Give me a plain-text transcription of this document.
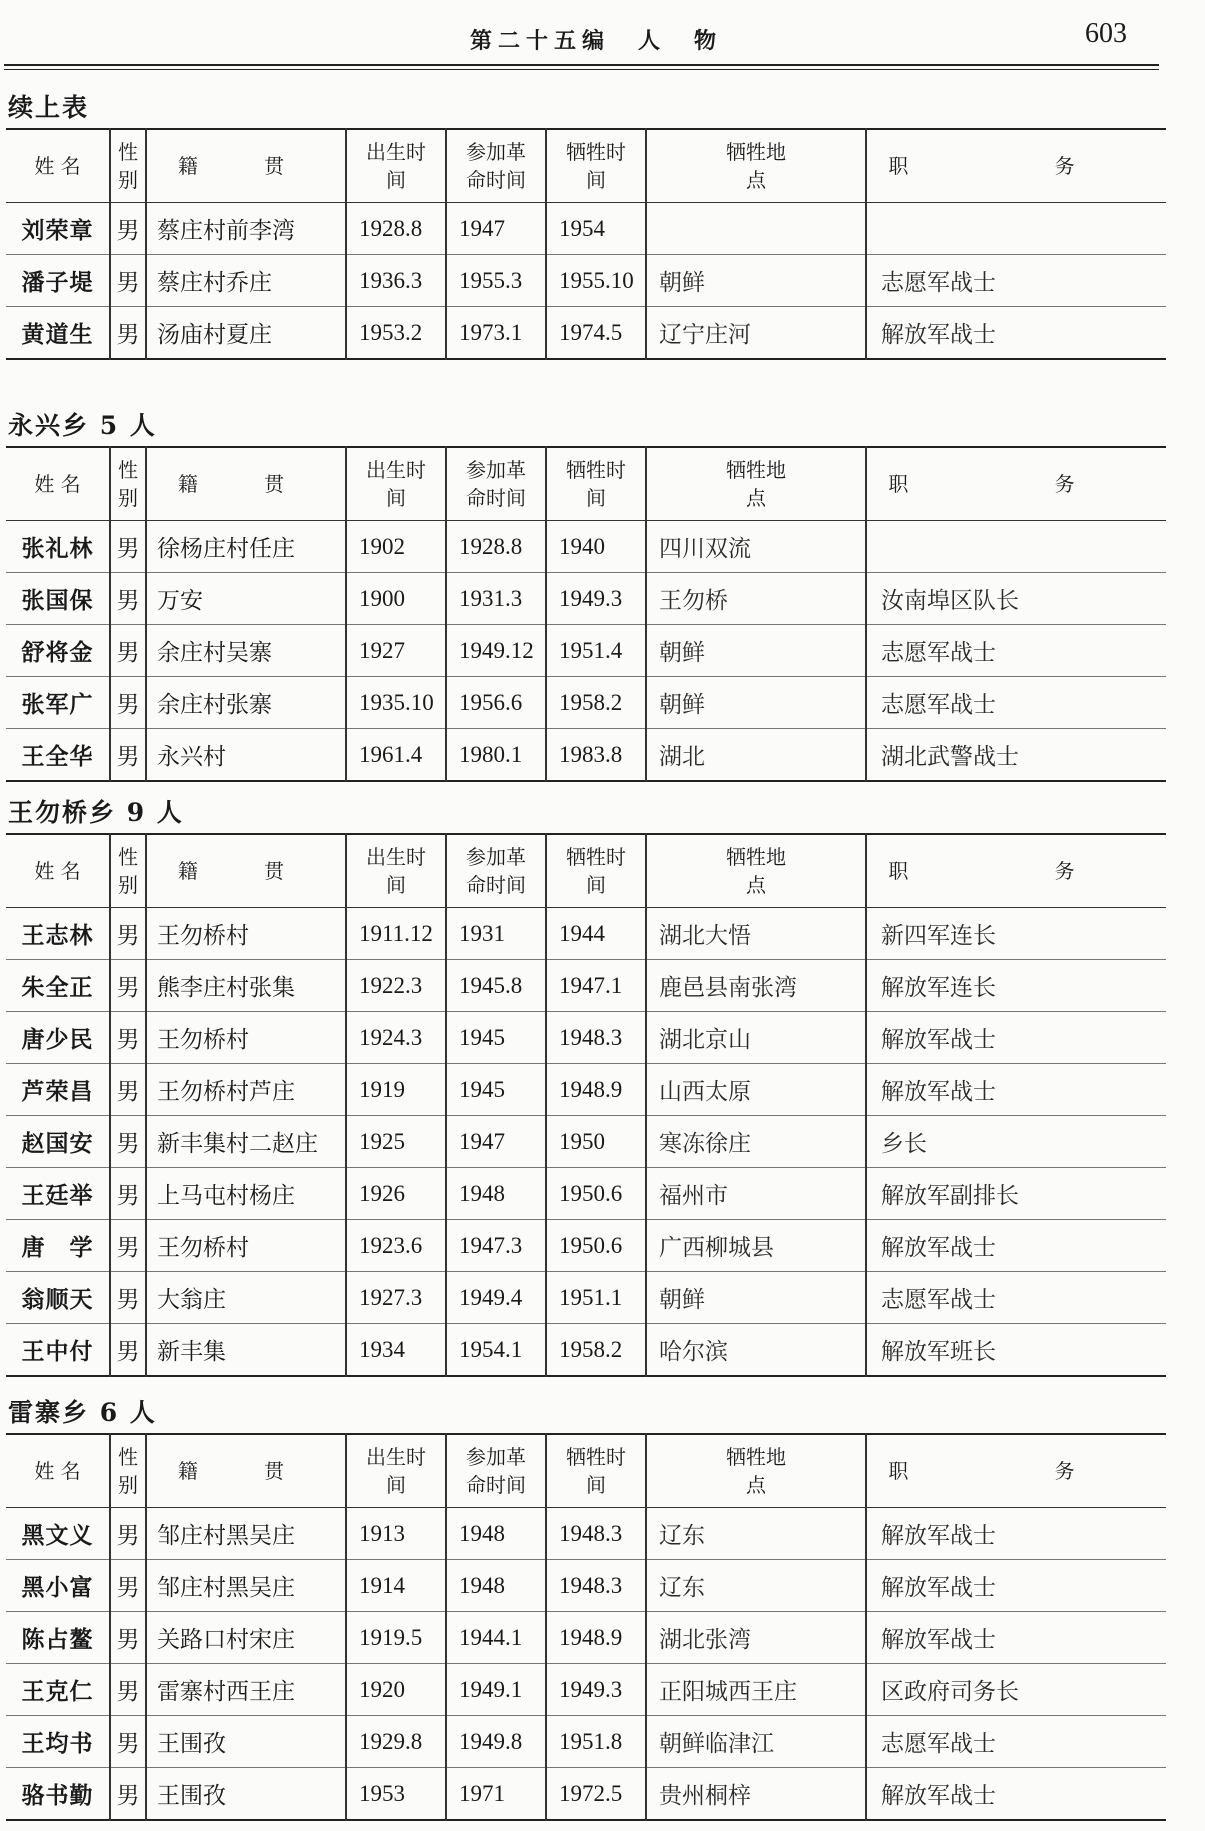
第二十五编　人　物	603
续上表
姓 名	性别	籍 贯	出生时间	参加革命时间	牺牲时间	牺牲地点	职 务
刘荣章	男	蔡庄村前李湾	1928.8	1947	1954		
潘子堤	男	蔡庄村乔庄	1936.3	1955.3	1955.10	朝鲜	志愿军战士
黄道生	男	汤庙村夏庄	1953.2	1973.1	1974.5	辽宁庄河	解放军战士
永兴乡 5 人
姓 名	性别	籍 贯	出生时间	参加革命时间	牺牲时间	牺牲地点	职 务
张礼林	男	徐杨庄村任庄	1902	1928.8	1940	四川双流	
张国保	男	万安	1900	1931.3	1949.3	王勿桥	汝南埠区队长
舒将金	男	余庄村吴寨	1927	1949.12	1951.4	朝鲜	志愿军战士
张军广	男	余庄村张寨	1935.10	1956.6	1958.2	朝鲜	志愿军战士
王全华	男	永兴村	1961.4	1980.1	1983.8	湖北	湖北武警战士
王勿桥乡 9 人
姓 名	性别	籍 贯	出生时间	参加革命时间	牺牲时间	牺牲地点	职 务
王志林	男	王勿桥村	1911.12	1931	1944	湖北大悟	新四军连长
朱全正	男	熊李庄村张集	1922.3	1945.8	1947.1	鹿邑县南张湾	解放军连长
唐少民	男	王勿桥村	1924.3	1945	1948.3	湖北京山	解放军战士
芦荣昌	男	王勿桥村芦庄	1919	1945	1948.9	山西太原	解放军战士
赵国安	男	新丰集村二赵庄	1925	1947	1950	寒冻徐庄	乡长
王廷举	男	上马屯村杨庄	1926	1948	1950.6	福州市	解放军副排长
唐　学	男	王勿桥村	1923.6	1947.3	1950.6	广西柳城县	解放军战士
翁顺天	男	大翁庄	1927.3	1949.4	1951.1	朝鲜	志愿军战士
王中付	男	新丰集	1934	1954.1	1958.2	哈尔滨	解放军班长
雷寨乡 6 人
姓 名	性别	籍 贯	出生时间	参加革命时间	牺牲时间	牺牲地点	职 务
黑文义	男	邹庄村黑吴庄	1913	1948	1948.3	辽东	解放军战士
黑小富	男	邹庄村黑吴庄	1914	1948	1948.3	辽东	解放军战士
陈占鳌	男	关路口村宋庄	1919.5	1944.1	1948.9	湖北张湾	解放军战士
王克仁	男	雷寨村西王庄	1920	1949.1	1949.3	正阳城西王庄	区政府司务长
王均书	男	王围孜	1929.8	1949.8	1951.8	朝鲜临津江	志愿军战士
骆书勤	男	王围孜	1953	1971	1972.5	贵州桐梓	解放军战士
